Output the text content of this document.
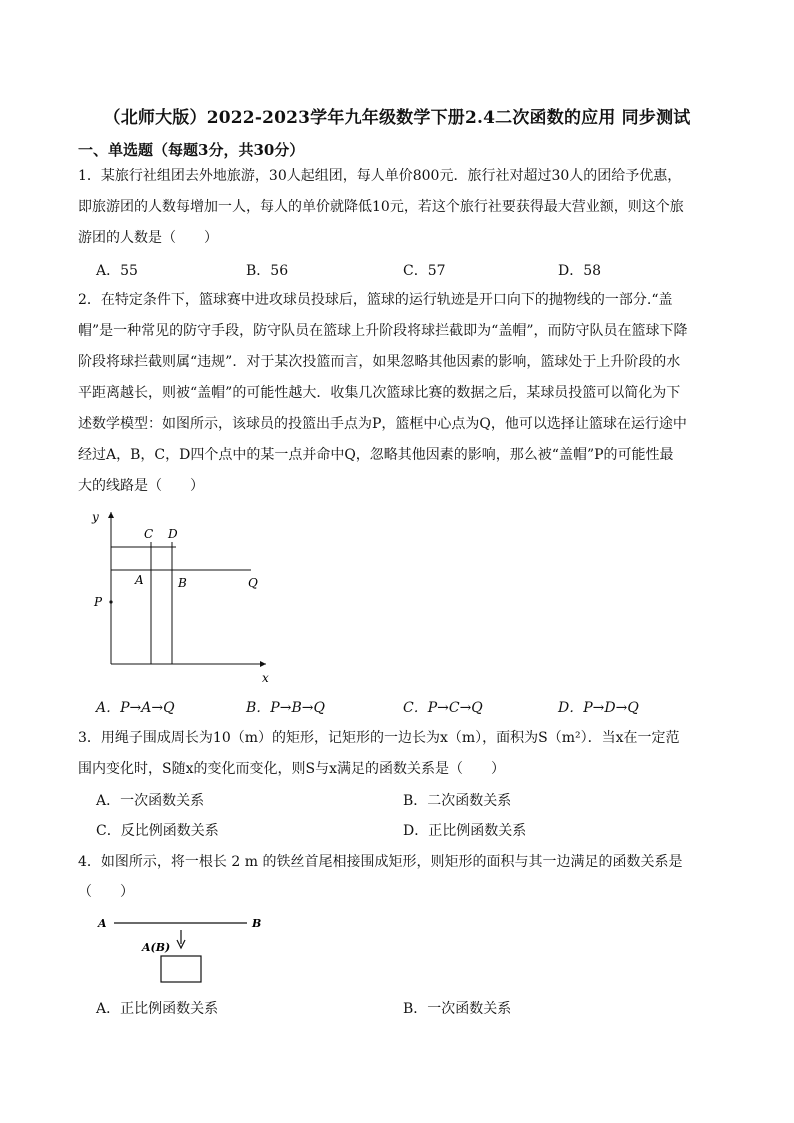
（北师大版）2022-2023学年九年级数学下册2.4二次函数的应用 同步测试
一、单选题（每题3分，共30分）
1．某旅行社组团去外地旅游，30人起组团，每人单价800元．旅行社对超过30人的团给予优惠，
即旅游团的人数每增加一人，每人的单价就降低10元，若这个旅行社要获得最大营业额，则这个旅
游团的人数是（　　）
A．55	B．56	C．57	D．58
2．在特定条件下，篮球赛中进攻球员投球后，篮球的运行轨迹是开口向下的抛物线的一部分.“盖
帽”是一种常见的防守手段，防守队员在篮球上升阶段将球拦截即为“盖帽”，而防守队员在篮球下降
阶段将球拦截则属“违规”．对于某次投篮而言，如果忽略其他因素的影响，篮球处于上升阶段的水
平距离越长，则被“盖帽”的可能性越大．收集几次篮球比赛的数据之后，某球员投篮可以简化为下
述数学模型：如图所示，该球员的投篮出手点为P，篮框中心点为Q，他可以选择让篮球在运行途中
经过A，B，C，D四个点中的某一点并命中Q，忽略其他因素的影响，那么被“盖帽”P的可能性最
大的线路是（　　）
y
x
C D
A	B	Q
P
A．P→A→Q	B．P→B→Q	C．P→C→Q	D．P→D→Q
3．用绳子围成周长为10（m）的矩形，记矩形的一边长为x（m），面积为S（m²）．当x在一定范
围内变化时，S随x的变化而变化，则S与x满足的函数关系是（　　）
A．一次函数关系	B．二次函数关系
C．反比例函数关系	D．正比例函数关系
4．如图所示，将一根长 2 m 的铁丝首尾相接围成矩形，则矩形的面积与其一边满足的函数关系是
（　　）
A	B
A(B)
A．正比例函数关系	B．一次函数关系
